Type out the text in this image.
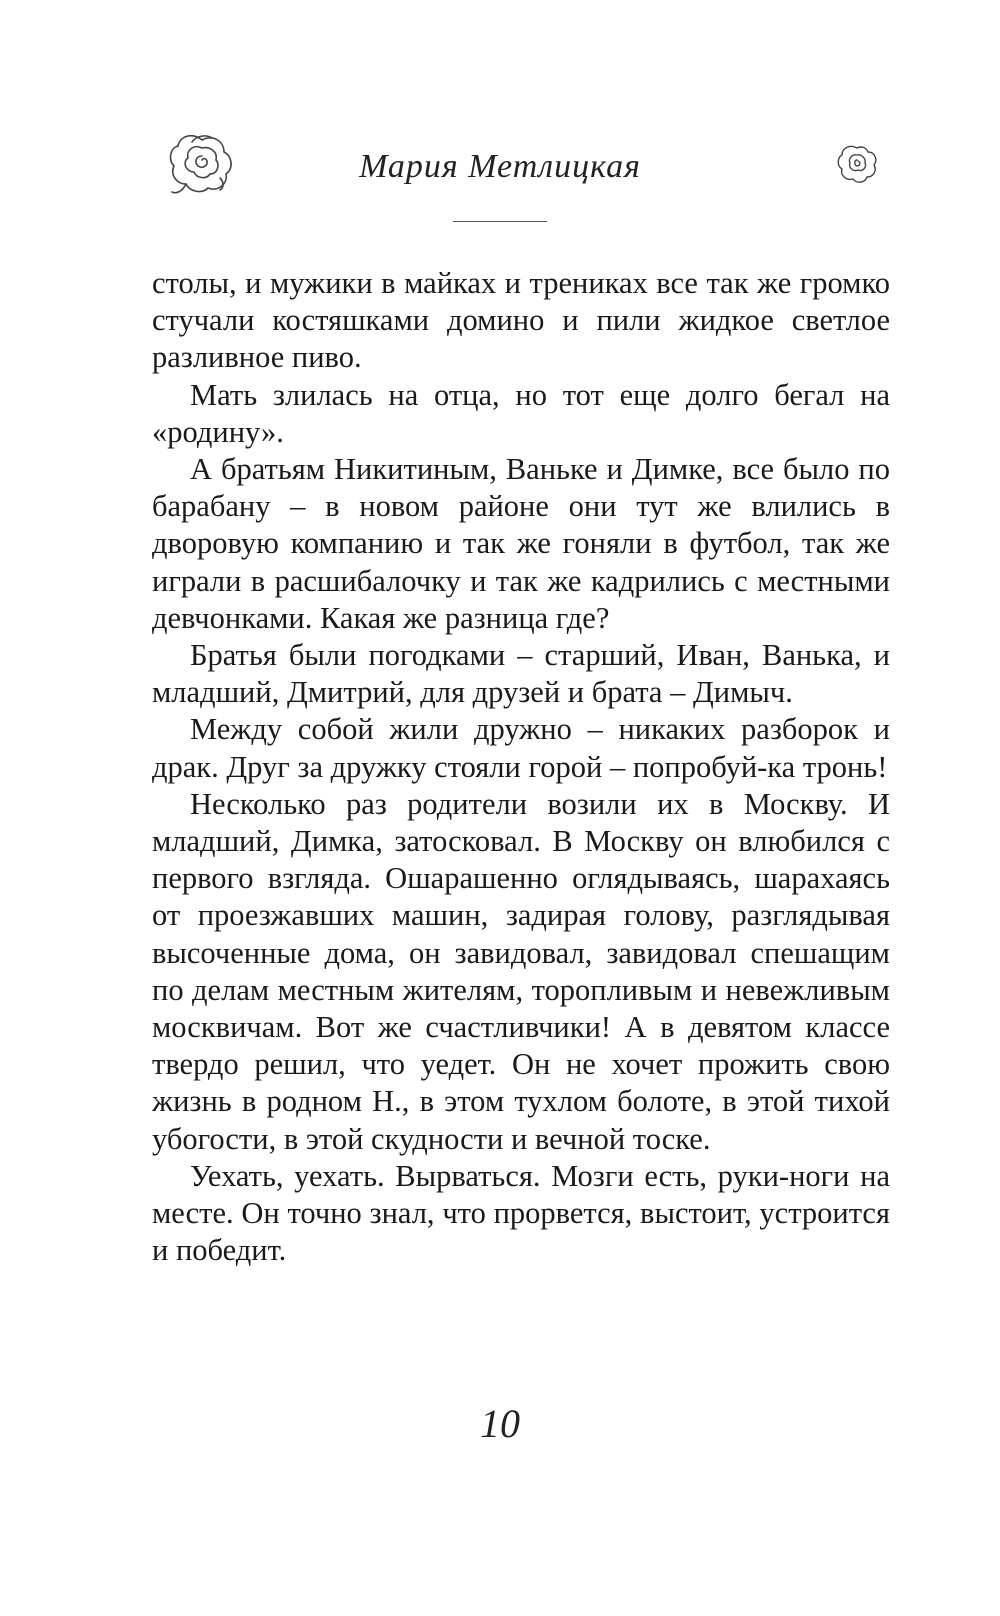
Мария Метлицкая

столы, и мужики в майках и трениках все так же громко стучали костяшками домино и пили жидкое светлое разливное пиво.

Мать злилась на отца, но тот еще долго бегал на «родину».

А братьям Никитиным, Ваньке и Димке, все было по барабану – в новом районе они тут же влились в дворовую компанию и так же гоняли в футбол, так же играли в расшибалочку и так же кадрились с местными девчонками. Какая же разница где?

Братья были погодками – старший, Иван, Ванька, и младший, Дмитрий, для друзей и брата – Димыч.

Между собой жили дружно – никаких разборок и драк. Друг за дружку стояли горой – попробуй-ка тронь!

Несколько раз родители возили их в Москву. И младший, Димка, затосковал. В Москву он влюбился с первого взгляда. Ошарашенно оглядываясь, шарахаясь от проезжавших машин, задирая голову, разглядывая высоченные дома, он завидовал, завидовал спешащим по делам местным жителям, торопливым и невежливым москвичам. Вот же счастливчики! А в девятом классе твердо решил, что уедет. Он не хочет прожить свою жизнь в родном Н., в этом тухлом болоте, в этой тихой убогости, в этой скудности и вечной тоске.

Уехать, уехать. Вырваться. Мозги есть, руки-ноги на месте. Он точно знал, что прорвется, выстоит, устроится и победит.

10
